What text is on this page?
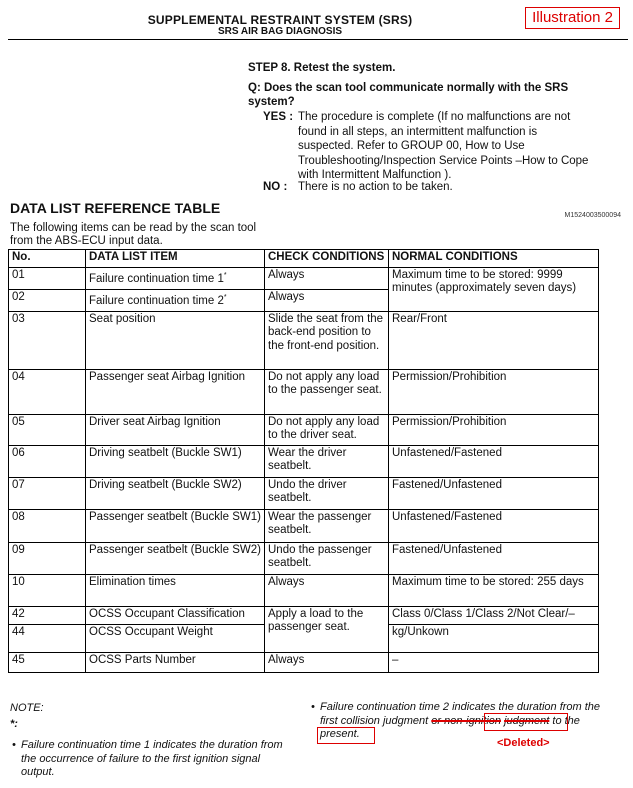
SUPPLEMENTAL RESTRAINT SYSTEM (SRS)
SRS AIR BAG DIAGNOSIS
Illustration 2
STEP 8. Retest the system.
Q: Does the scan tool communicate normally with the SRS system?
YES : The procedure is complete (If no malfunctions are not found in all steps, an intermittent malfunction is suspected. Refer to GROUP 00, How to Use Troubleshooting/Inspection Service Points –How to Cope with Intermittent Malfunction ).
NO : There is no action to be taken.
DATA LIST REFERENCE TABLE	M1524003500094
The following items can be read by the scan tool
from the ABS-ECU input data.
No.	DATA LIST ITEM	CHECK CONDITIONS	NORMAL CONDITIONS
01	Failure continuation time 1*	Always	Maximum time to be stored: 9999 minutes (approximately seven days)
02	Failure continuation time 2*	Always	
03	Seat position	Slide the seat from the back-end position to the front-end position.	Rear/Front
04	Passenger seat Airbag Ignition	Do not apply any load to the passenger seat.	Permission/Prohibition
05	Driver seat Airbag Ignition	Do not apply any load to the driver seat.	Permission/Prohibition
06	Driving seatbelt (Buckle SW1)	Wear the driver seatbelt.	Unfastened/Fastened
07	Driving seatbelt (Buckle SW2)	Undo the driver seatbelt.	Fastened/Unfastened
08	Passenger seatbelt (Buckle SW1)	Wear the passenger seatbelt.	Unfastened/Fastened
09	Passenger seatbelt (Buckle SW2)	Undo the passenger seatbelt.	Fastened/Unfastened
10	Elimination times	Always	Maximum time to be stored: 255 days
42	OCSS Occupant Classification	Apply a load to the passenger seat.	Class 0/Class 1/Class 2/Not Clear/–
44	OCSS Occupant Weight		kg/Unkown
45	OCSS Parts Number	Always	–
NOTE:
*:
• Failure continuation time 1 indicates the duration from the occurrence of failure to the first ignition signal output.
• Failure continuation time 2 indicates the duration from the first collision judgment or non-ignition judgment to the present.
<Deleted>
